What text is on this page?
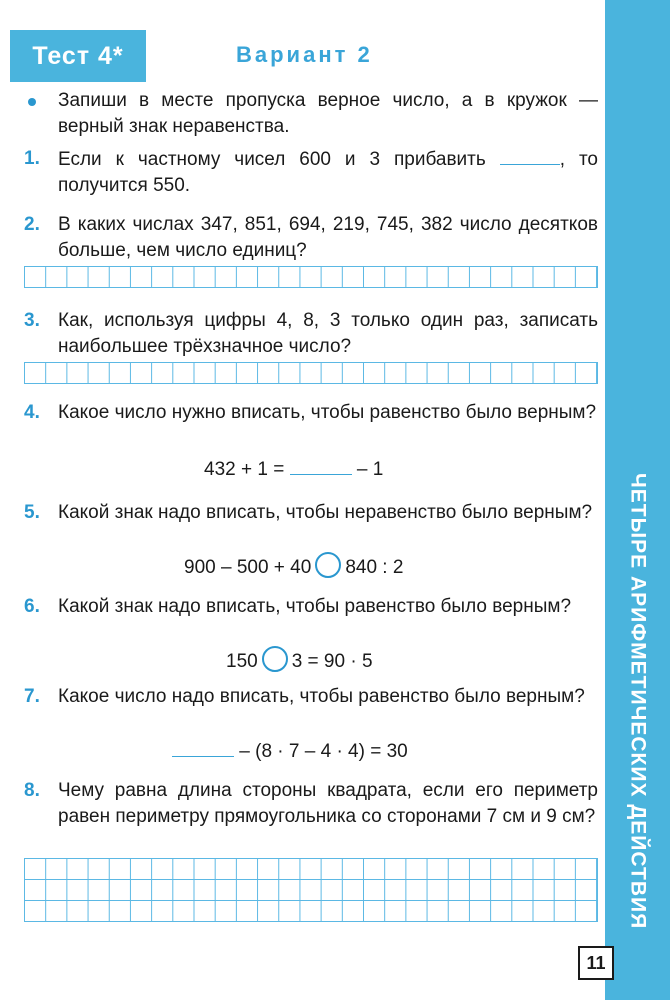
ЧЕТЫРЕ АРИФМЕТИЧЕСКИХ ДЕЙСТВИЯ
Тест 4*	Вариант 2
Запиши в месте пропуска верное число, а в кружок — верный знак неравенства.
1. Если к частному чисел 600 и 3 прибавить	, то получится 550.
2. В каких числах 347, 851, 694, 219, 745, 382 число десятков больше, чем число единиц?
3. Как, используя цифры 4, 8, 3 только один раз, записать наибольшее трёхзначное число?
4. Какое число нужно вписать, чтобы равенство было верным?
432 + 1 =	– 1
5. Какой знак надо вписать, чтобы неравенство было верным?
900 – 500 + 40 840 : 2
6. Какой знак надо вписать, чтобы равенство было верным?
150 3 = 90 · 5
7. Какое число надо вписать, чтобы равенство было верным?
– (8 · 7 – 4 · 4) = 30
8. Чему равна длина стороны квадрата, если его периметр равен периметру прямоугольника со сторонами 7 см и 9 см?
11
